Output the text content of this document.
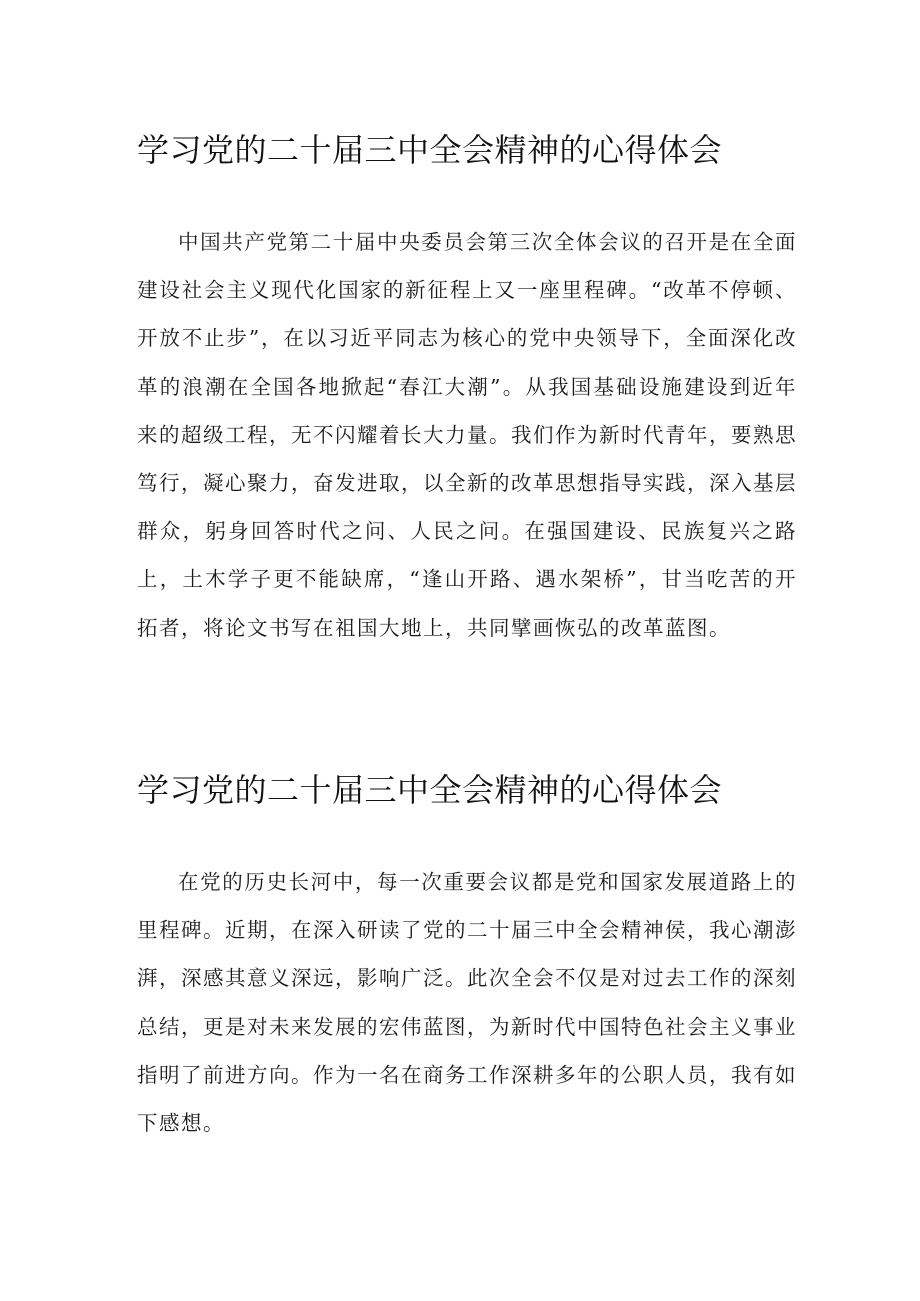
学习党的二十届三中全会精神的心得体会

中国共产党第二十届中央委员会第三次全体会议的召开是在全面建设社会主义现代化国家的新征程上又一座里程碑。“改革不停顿、开放不止步”，在以习近平同志为核心的党中央领导下，全面深化改革的浪潮在全国各地掀起“春江大潮”。从我国基础设施建设到近年来的超级工程，无不闪耀着长大力量。我们作为新时代青年，要熟思笃行，凝心聚力，奋发进取，以全新的改革思想指导实践，深入基层群众，躬身回答时代之问、人民之问。在强国建设、民族复兴之路上，土木学子更不能缺席，“逢山开路、遇水架桥”，甘当吃苦的开拓者，将论文书写在祖国大地上，共同擘画恢弘的改革蓝图。

学习党的二十届三中全会精神的心得体会

在党的历史长河中，每一次重要会议都是党和国家发展道路上的里程碑。近期，在深入研读了党的二十届三中全会精神侯，我心潮澎湃，深感其意义深远，影响广泛。此次全会不仅是对过去工作的深刻总结，更是对未来发展的宏伟蓝图，为新时代中国特色社会主义事业指明了前进方向。作为一名在商务工作深耕多年的公职人员，我有如下感想。
